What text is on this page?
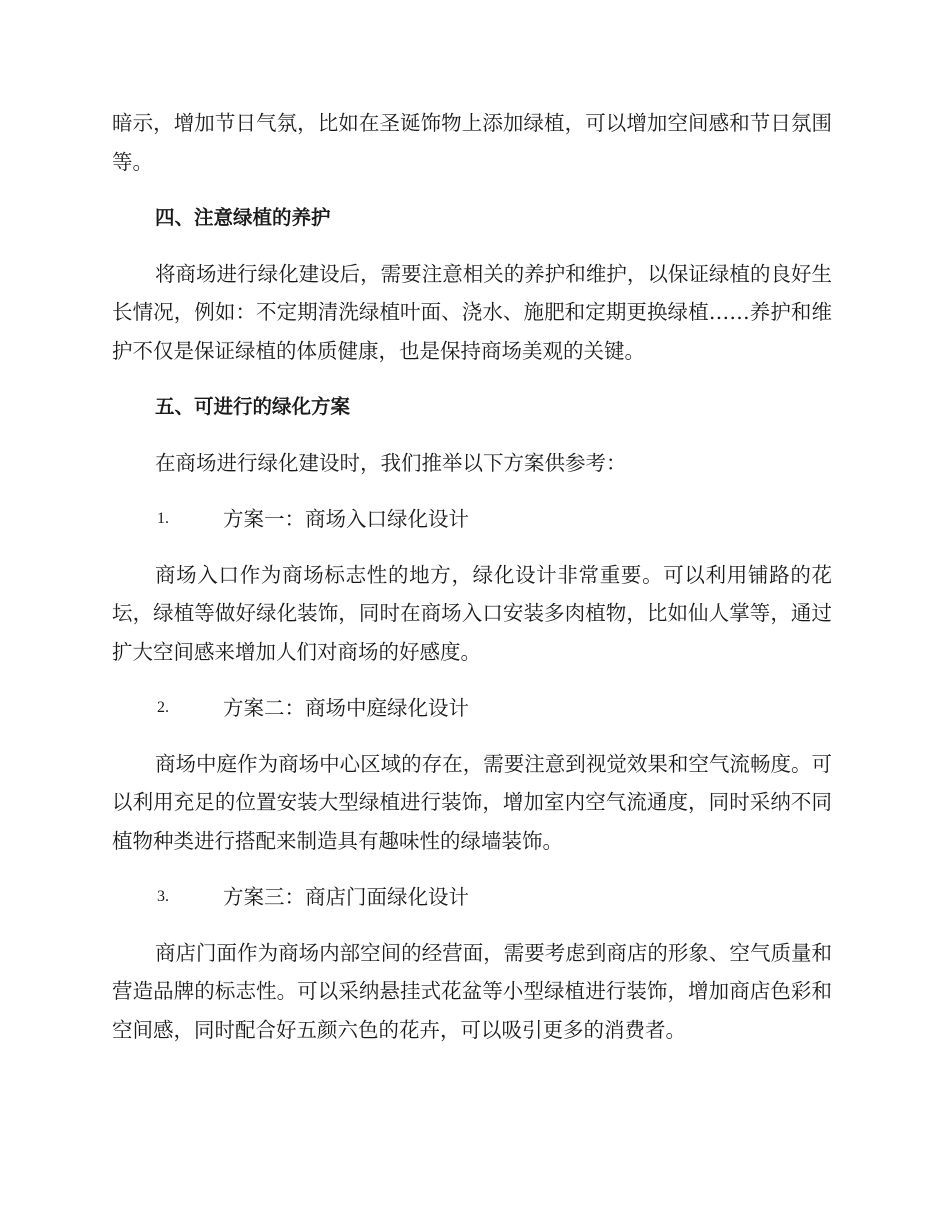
暗示，增加节日气氛，比如在圣诞饰物上添加绿植，可以增加空间感和节日氛围等。

四、注意绿植的养护

将商场进行绿化建设后，需要注意相关的养护和维护，以保证绿植的良好生长情况，例如：不定期清洗绿植叶面、浇水、施肥和定期更换绿植……养护和维护不仅是保证绿植的体质健康，也是保持商场美观的关键。

五、可进行的绿化方案

在商场进行绿化建设时，我们推举以下方案供参考：

1.	方案一：商场入口绿化设计

商场入口作为商场标志性的地方，绿化设计非常重要。可以利用铺路的花坛，绿植等做好绿化装饰，同时在商场入口安装多肉植物，比如仙人掌等，通过扩大空间感来增加人们对商场的好感度。

2.	方案二：商场中庭绿化设计

商场中庭作为商场中心区域的存在，需要注意到视觉效果和空气流畅度。可以利用充足的位置安装大型绿植进行装饰，增加室内空气流通度，同时采纳不同植物种类进行搭配来制造具有趣味性的绿墙装饰。

3.	方案三：商店门面绿化设计

商店门面作为商场内部空间的经营面，需要考虑到商店的形象、空气质量和营造品牌的标志性。可以采纳悬挂式花盆等小型绿植进行装饰，增加商店色彩和空间感，同时配合好五颜六色的花卉，可以吸引更多的消费者。
